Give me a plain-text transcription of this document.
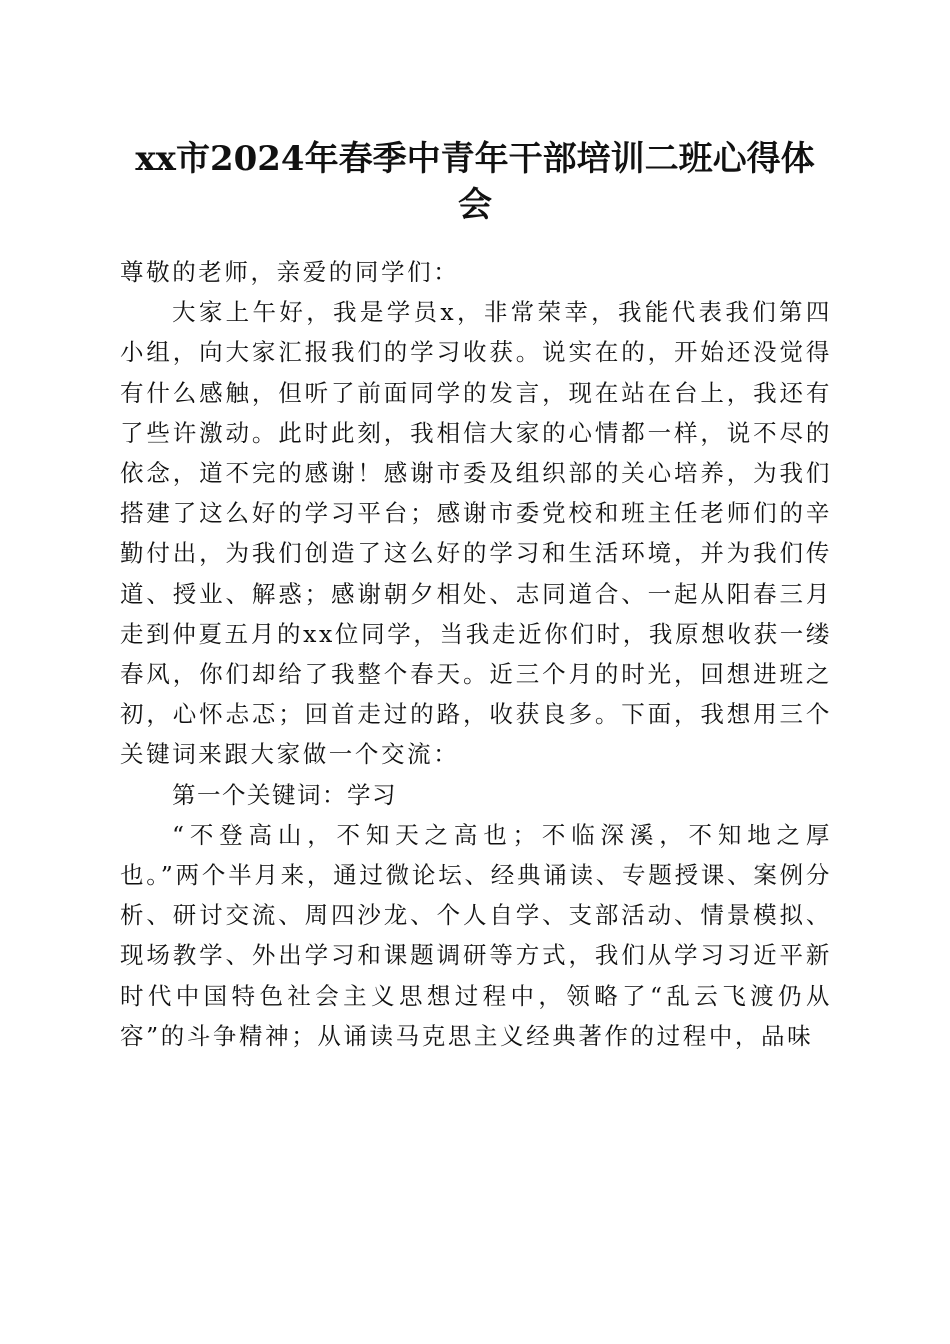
xx市2024年春季中青年干部培训二班心得体会

尊敬的老师，亲爱的同学们：

大家上午好，我是学员x，非常荣幸，我能代表我们第四小组，向大家汇报我们的学习收获。说实在的，开始还没觉得有什么感触，但听了前面同学的发言，现在站在台上，我还有了些许激动。此时此刻，我相信大家的心情都一样，说不尽的依念，道不完的感谢！感谢市委及组织部的关心培养，为我们搭建了这么好的学习平台；感谢市委党校和班主任老师们的辛勤付出，为我们创造了这么好的学习和生活环境，并为我们传道、授业、解惑；感谢朝夕相处、志同道合、一起从阳春三月走到仲夏五月的xx位同学，当我走近你们时，我原想收获一缕春风，你们却给了我整个春天。近三个月的时光，回想进班之初，心怀忐忑；回首走过的路，收获良多。下面，我想用三个关键词来跟大家做一个交流：

第一个关键词：学习

“不登高山，不知天之高也；不临深溪，不知地之厚也。”两个半月来，通过微论坛、经典诵读、专题授课、案例分析、研讨交流、周四沙龙、个人自学、支部活动、情景模拟、现场教学、外出学习和课题调研等方式，我们从学习习近平新时代中国特色社会主义思想过程中，领略了“乱云飞渡仍从容”的斗争精神；从诵读马克思主义经典著作的过程中，品味
